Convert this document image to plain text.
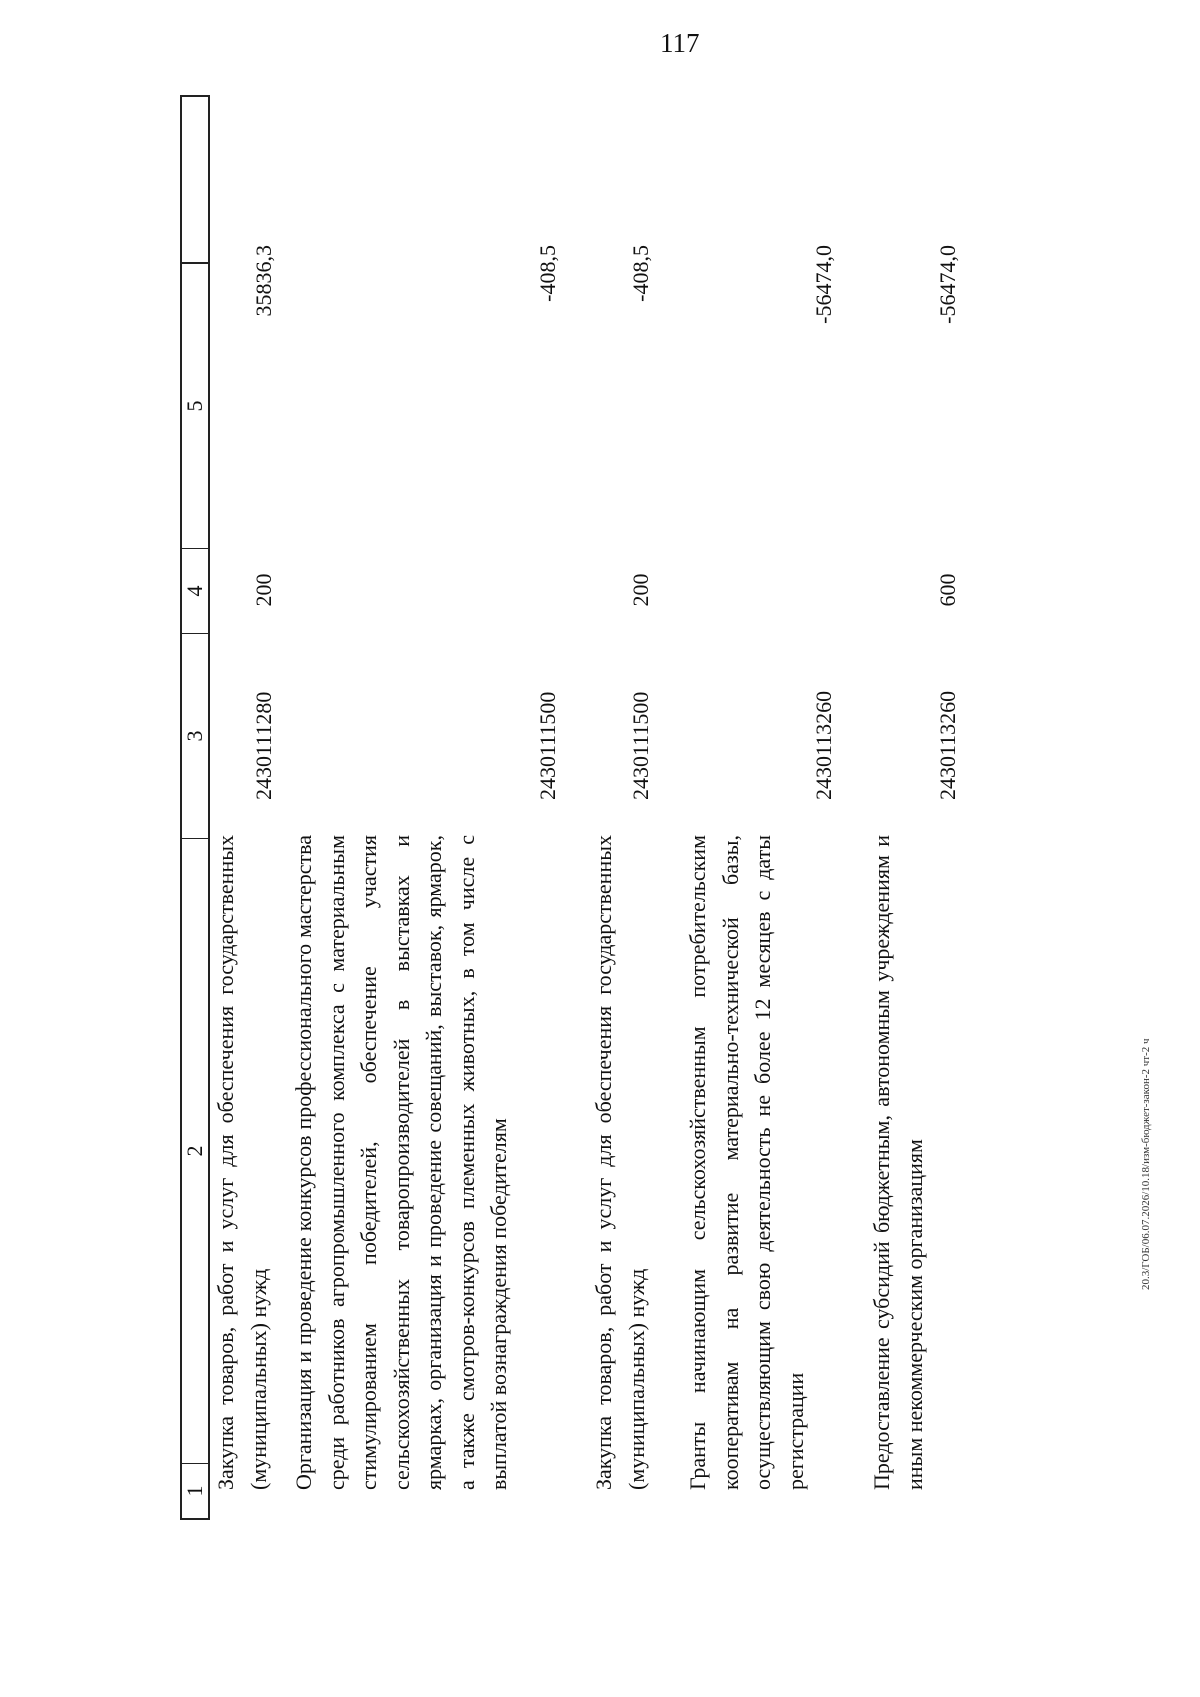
117
20.3/ГОБ/06.07.2026/10.18/изм-бюджет-закон-2 чт-2 ч
1
2
3
4
5
Закупка товаров, работ и услуг для обеспечения государственных (муниципальных) нужд
2430111280
200
35836,3
Организация и проведение конкурсов профессионального мастерства среди работников агропромышленного комплекса с материальным стимулированием победителей, обеспечение участия сельскохозяйственных товаропроизводителей в выставках и ярмарках, организация и проведение совещаний, выставок, ярмарок, а также смотров-конкурсов племенных животных, в том числе с выплатой вознаграждения победителям
2430111500
-408,5
Закупка товаров, работ и услуг для обеспечения государственных (муниципальных) нужд
2430111500
200
-408,5
Гранты начинающим сельскохозяйственным потребительским кооперативам на развитие материально-технической базы, осуществляющим свою деятельность не более 12 месяцев с даты регистрации
2430113260
-56474,0
Предоставление субсидий бюджетным, автономным учреждениям и иным некоммерческим организациям
2430113260
600
-56474,0
